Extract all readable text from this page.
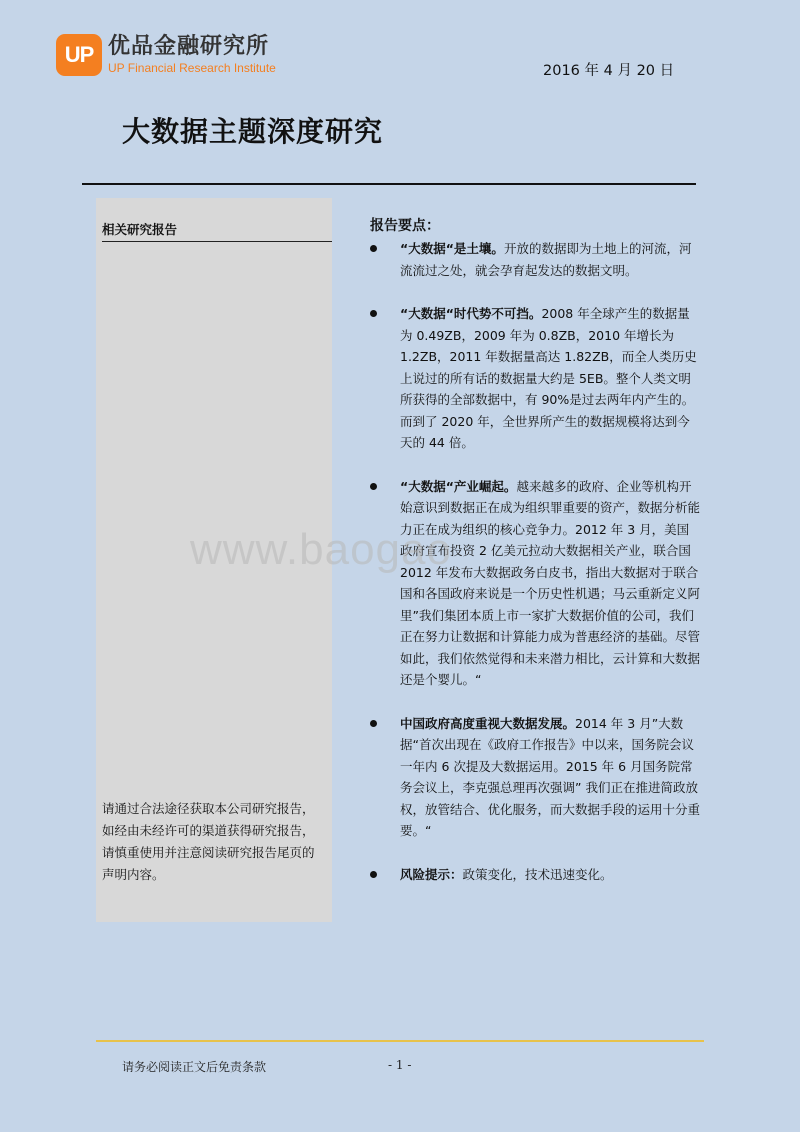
UP 优品金融研究所
UP Financial Research Institute	2016 年 4 月 20 日
大数据主题深度研究
相关研究报告
请通过合法途径获取本公司研究报告，如经由未经许可的渠道获得研究报告，请慎重使用并注意阅读研究报告尾页的声明内容。
报告要点：
“大数据“是土壤。开放的数据即为土地上的河流，河流流过之处，就会孕育起发达的数据文明。
“大数据“时代势不可挡。2008 年全球产生的数据量为 0.49ZB，2009 年为 0.8ZB，2010 年增长为 1.2ZB，2011 年数据量高达 1.82ZB，而全人类历史上说过的所有话的数据量大约是 5EB。整个人类文明所获得的全部数据中，有 90%是过去两年内产生的。而到了 2020 年，全世界所产生的数据规模将达到今天的 44 倍。
“大数据“产业崛起。越来越多的政府、企业等机构开始意识到数据正在成为组织罪重要的资产，数据分析能力正在成为组织的核心竞争力。2012 年 3 月，美国政府宣布投资 2 亿美元拉动大数据相关产业，联合国 2012 年发布大数据政务白皮书，指出大数据对于联合国和各国政府来说是一个历史性机遇；马云重新定义阿里”我们集团本质上市一家扩大数据价值的公司，我们正在努力让数据和计算能力成为普惠经济的基础。尽管如此，我们依然觉得和未来潜力相比，云计算和大数据还是个婴儿。“
中国政府高度重视大数据发展。2014 年 3 月”大数据“首次出现在《政府工作报告》中以来，国务院会议一年内 6 次提及大数据运用。2015 年 6 月国务院常务会议上，李克强总理再次强调” 我们正在推进简政放权，放管结合、优化服务，而大数据手段的运用十分重要。“
风险提示：政策变化，技术迅速变化。
www.baogao
请务必阅读正文后免责条款	- 1 -
